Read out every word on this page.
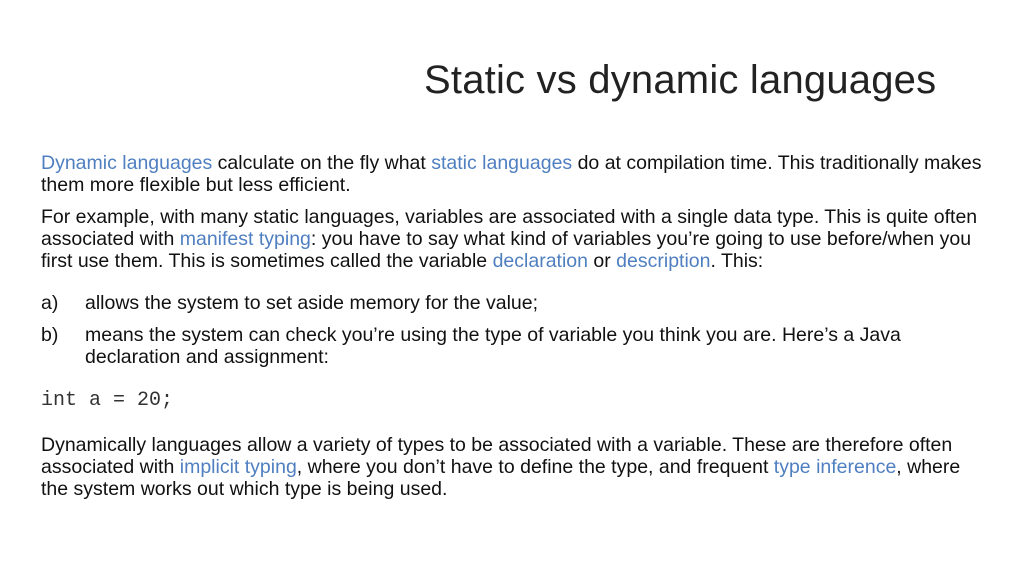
Static vs dynamic languages

Dynamic languages calculate on the fly what static languages do at compilation time. This traditionally makes them more flexible but less efficient.

For example, with many static languages, variables are associated with a single data type. This is quite often associated with manifest typing: you have to say what kind of variables you’re going to use before/when you first use them. This is sometimes called the variable declaration or description. This:

a)	allows the system to set aside memory for the value;
b)	means the system can check you’re using the type of variable you think you are. Here’s a Java declaration and assignment:
int a = 20;

Dynamically languages allow a variety of types to be associated with a variable. These are therefore often associated with implicit typing, where you don’t have to define the type, and frequent type inference, where the system works out which type is being used.
